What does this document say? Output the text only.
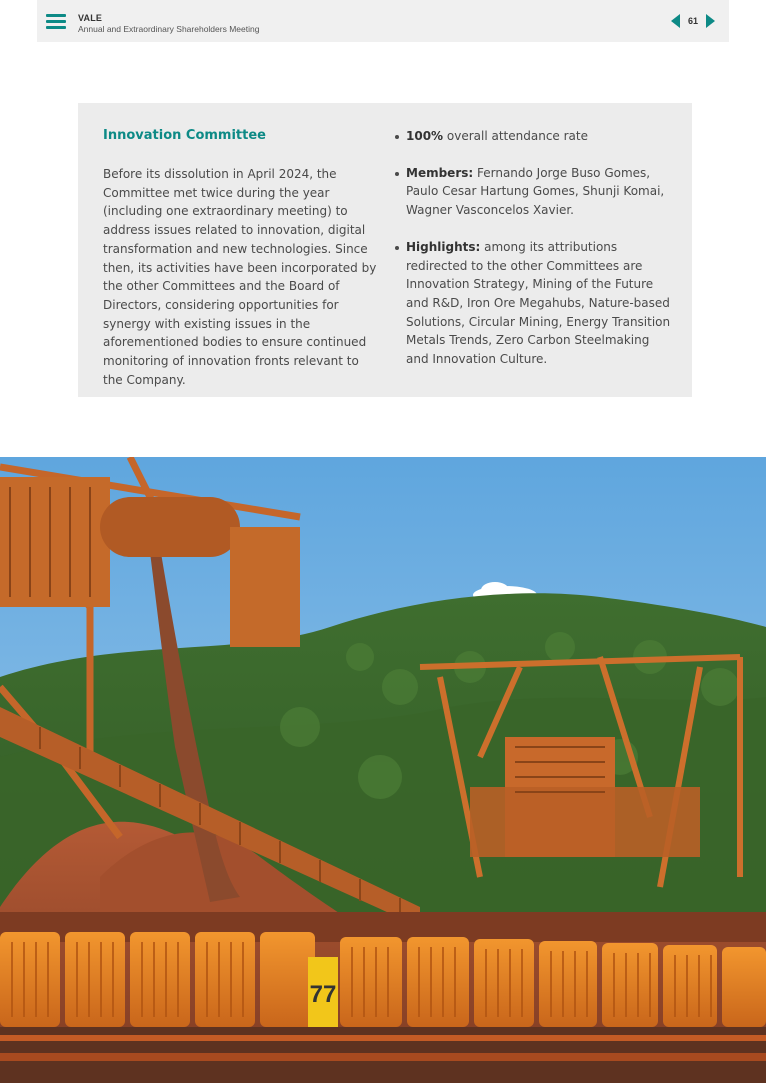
VALE
Annual and Extraordinary Shareholders Meeting
61
Innovation Committee
Before its dissolution in April 2024, the Committee met twice during the year (including one extraordinary meeting) to address issues related to innovation, digital transformation and new technologies. Since then, its activities have been incorporated by the other Committees and the Board of Directors, considering opportunities for synergy with existing issues in the aforementioned bodies to ensure continued monitoring of innovation fronts relevant to the Company.
100% overall attendance rate
Members: Fernando Jorge Buso Gomes, Paulo Cesar Hartung Gomes, Shunji Komai, Wagner Vasconcelos Xavier.
Highlights: among its attributions redirected to the other Committees are Innovation Strategy, Mining of the Future and R&D, Iron Ore Megahubs, Nature-based Solutions, Circular Mining, Energy Transition Metals Trends, Zero Carbon Steelmaking and Innovation Culture.
77
